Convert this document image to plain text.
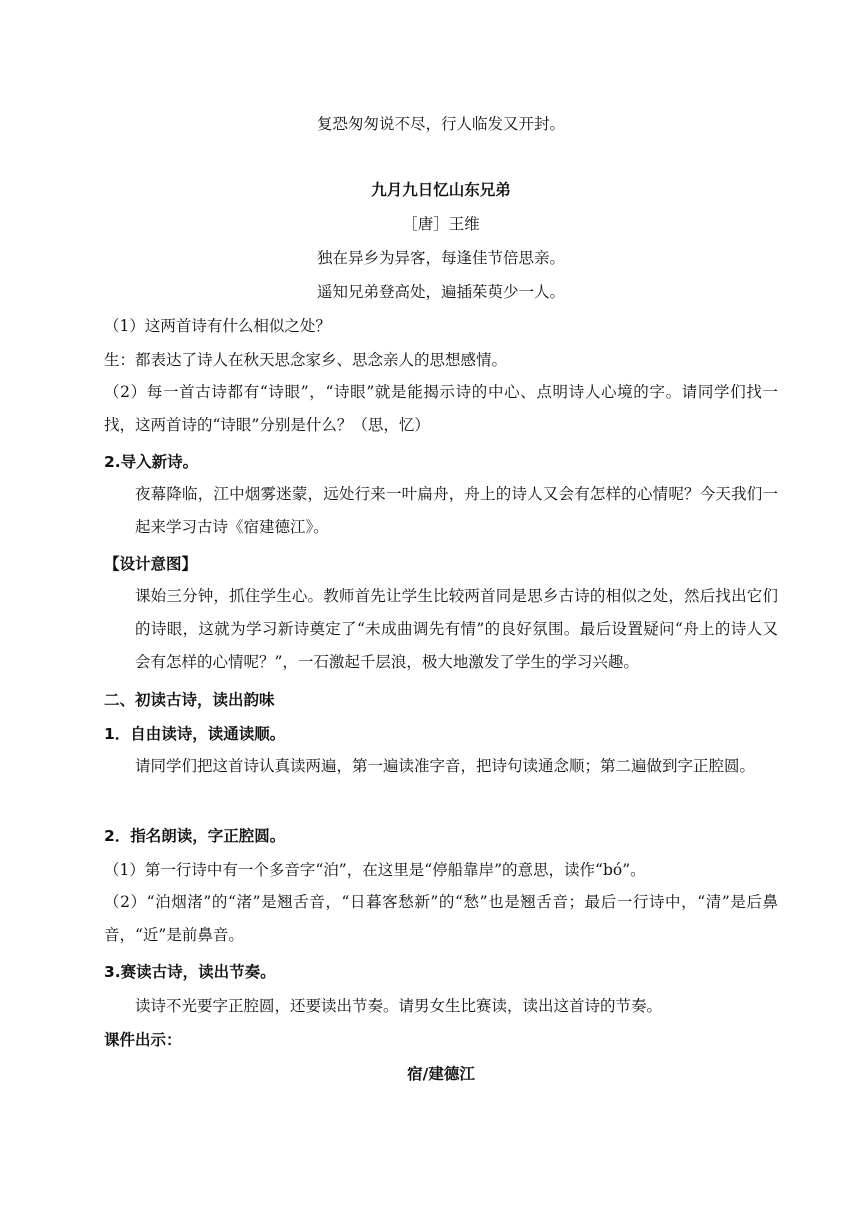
复恐匆匆说不尽，行人临发又开封。
九月九日忆山东兄弟
［唐］王维
独在异乡为异客，每逢佳节倍思亲。
遥知兄弟登高处，遍插茱萸少一人。
（1）这两首诗有什么相似之处？
生：都表达了诗人在秋天思念家乡、思念亲人的思想感情。
（2）每一首古诗都有“诗眼”，“诗眼”就是能揭示诗的中心、点明诗人心境的字。请同学们找一找，这两首诗的“诗眼”分别是什么？（思，忆）
2.导入新诗。
夜幕降临，江中烟雾迷蒙，远处行来一叶扁舟，舟上的诗人又会有怎样的心情呢？今天我们一起来学习古诗《宿建德江》。
【设计意图】
课始三分钟，抓住学生心。教师首先让学生比较两首同是思乡古诗的相似之处，然后找出它们的诗眼，这就为学习新诗奠定了“未成曲调先有情”的良好氛围。最后设置疑问“舟上的诗人又会有怎样的心情呢？”，一石激起千层浪，极大地激发了学生的学习兴趣。
二、初读古诗，读出韵味
1．自由读诗，读通读顺。
请同学们把这首诗认真读两遍，第一遍读准字音，把诗句读通念顺；第二遍做到字正腔圆。
2．指名朗读，字正腔圆。
（1）第一行诗中有一个多音字“泊”，在这里是“停船靠岸”的意思，读作“bó”。
（2）“泊烟渚”的“渚”是翘舌音，“日暮客愁新”的“愁”也是翘舌音；最后一行诗中，“清”是后鼻音，“近”是前鼻音。
3.赛读古诗，读出节奏。
读诗不光要字正腔圆，还要读出节奏。请男女生比赛读，读出这首诗的节奏。
课件出示：
宿/建德江
